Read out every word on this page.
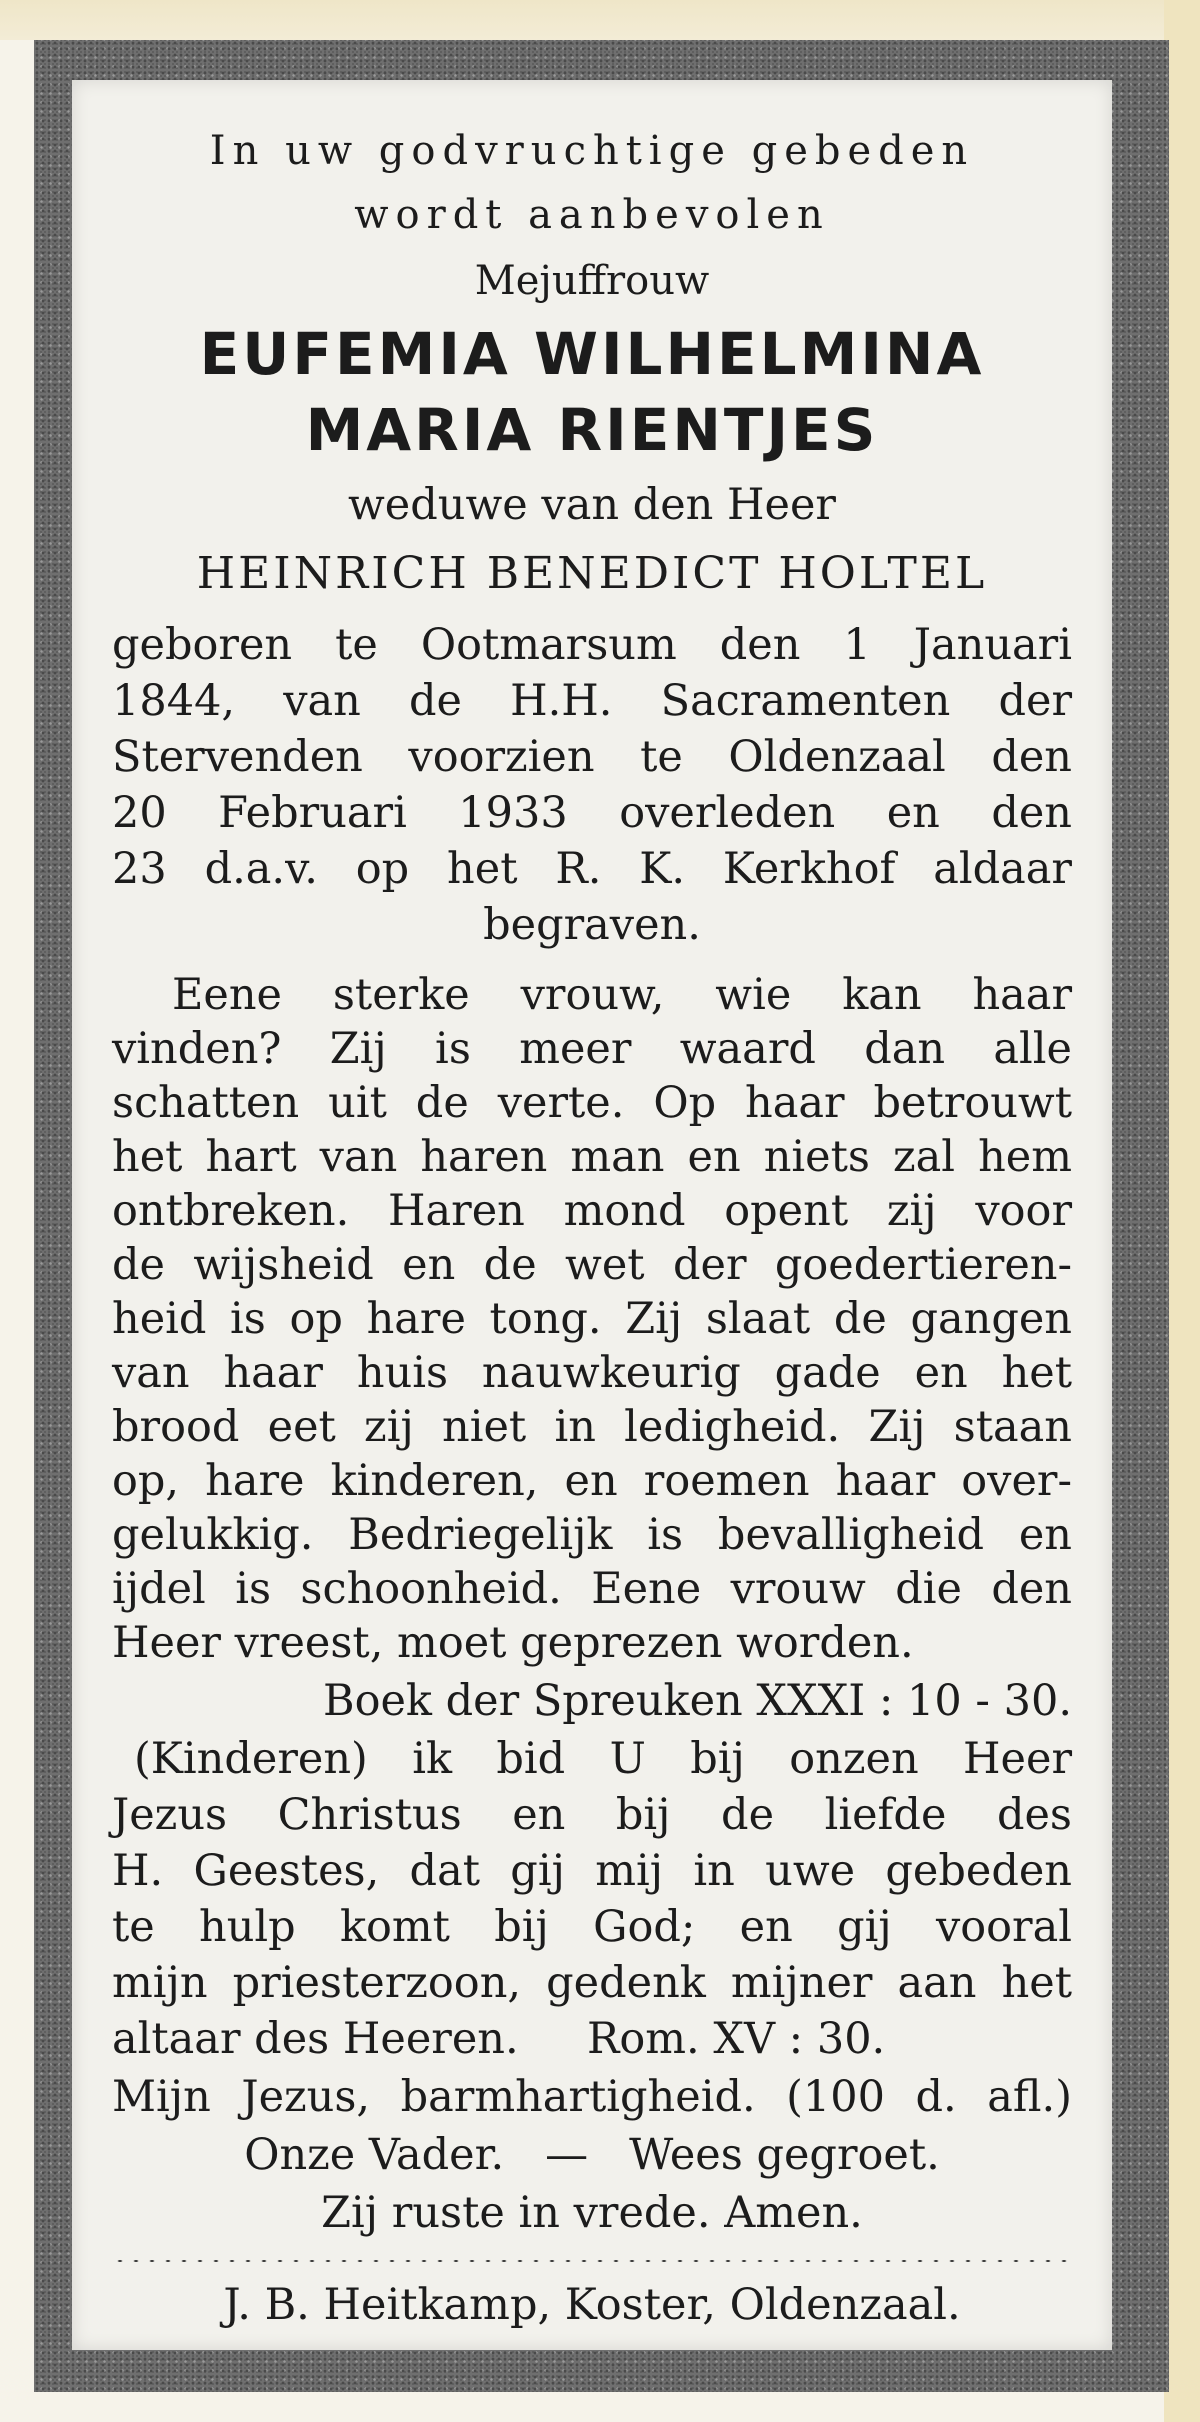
In uw godvruchtige gebeden
wordt aanbevolen
Mejuffrouw
EUFEMIA WILHELMINA
MARIA RIENTJES
weduwe van den Heer
HEINRICH BENEDICT HOLTEL
geboren te Ootmarsum den 1 Januari
1844, van de H.H. Sacramenten der
Stervenden voorzien te Oldenzaal den
20 Februari 1933 overleden en den
23 d.a.v. op het R. K. Kerkhof aldaar
begraven.
Eene sterke vrouw, wie kan haar
vinden? Zij is meer waard dan alle
schatten uit de verte. Op haar betrouwt
het hart van haren man en niets zal hem
ontbreken. Haren mond opent zij voor
de wijsheid en de wet der goedertieren-
heid is op hare tong. Zij slaat de gangen
van haar huis nauwkeurig gade en het
brood eet zij niet in ledigheid. Zij staan
op, hare kinderen, en roemen haar over-
gelukkig. Bedriegelijk is bevalligheid en
ijdel is schoonheid. Eene vrouw die den
Heer vreest, moet geprezen worden.
Boek der Spreuken XXXI : 10 - 30.
(Kinderen) ik bid U bij onzen Heer
Jezus Christus en bij de liefde des
H. Geestes, dat gij mij in uwe gebeden
te hulp komt bij God; en gij vooral
mijn priesterzoon, gedenk mijner aan het
altaar des Heeren.     Rom. XV : 30.
Mijn Jezus, barmhartigheid. (100 d. afl.)
Onze Vader.   —   Wees gegroet.
Zij ruste in vrede. Amen.
J. B. Heitkamp, Koster, Oldenzaal.
